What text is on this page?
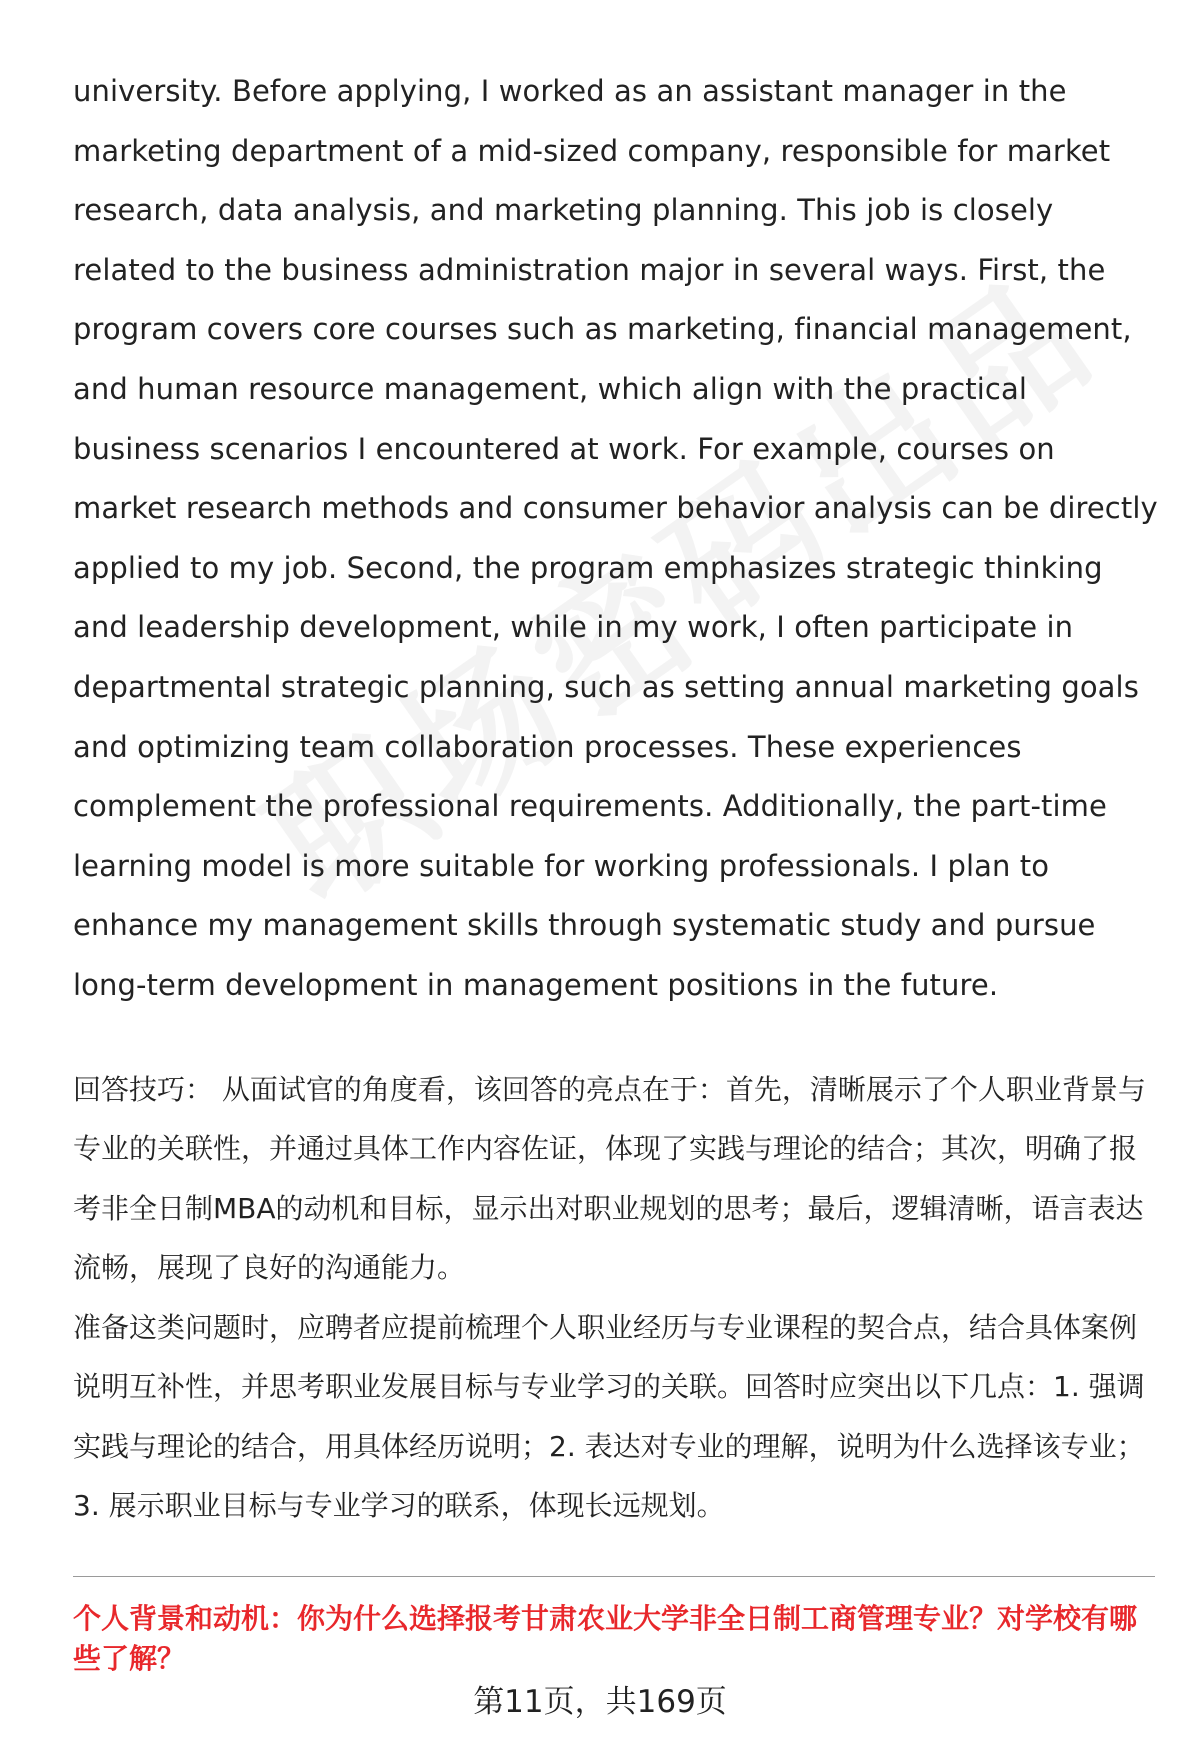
university. Before applying, I worked as an assistant manager in the marketing department of a mid-sized company, responsible for market research, data analysis, and marketing planning. This job is closely related to the business administration major in several ways. First, the program covers core courses such as marketing, financial management, and human resource management, which align with the practical business scenarios I encountered at work. For example, courses on market research methods and consumer behavior analysis can be directly applied to my job. Second, the program emphasizes strategic thinking and leadership development, while in my work, I often participate in departmental strategic planning, such as setting annual marketing goals and optimizing team collaboration processes. These experiences complement the professional requirements. Additionally, the part-time learning model is more suitable for working professionals. I plan to enhance my management skills through systematic study and pursue long-term development in management positions in the future.

回答技巧： 从面试官的角度看，该回答的亮点在于：首先，清晰展示了个人职业背景与专业的关联性，并通过具体工作内容佐证，体现了实践与理论的结合；其次，明确了报考非全日制MBA的动机和目标，显示出对职业规划的思考；最后，逻辑清晰，语言表达流畅，展现了良好的沟通能力。

准备这类问题时，应聘者应提前梳理个人职业经历与专业课程的契合点，结合具体案例说明互补性，并思考职业发展目标与专业学习的关联。回答时应突出以下几点：1. 强调实践与理论的结合，用具体经历说明；2. 表达对专业的理解，说明为什么选择该专业；3. 展示职业目标与专业学习的联系，体现长远规划。

个人背景和动机：你为什么选择报考甘肃农业大学非全日制工商管理专业？对学校有哪些了解？
第11页，共169页
